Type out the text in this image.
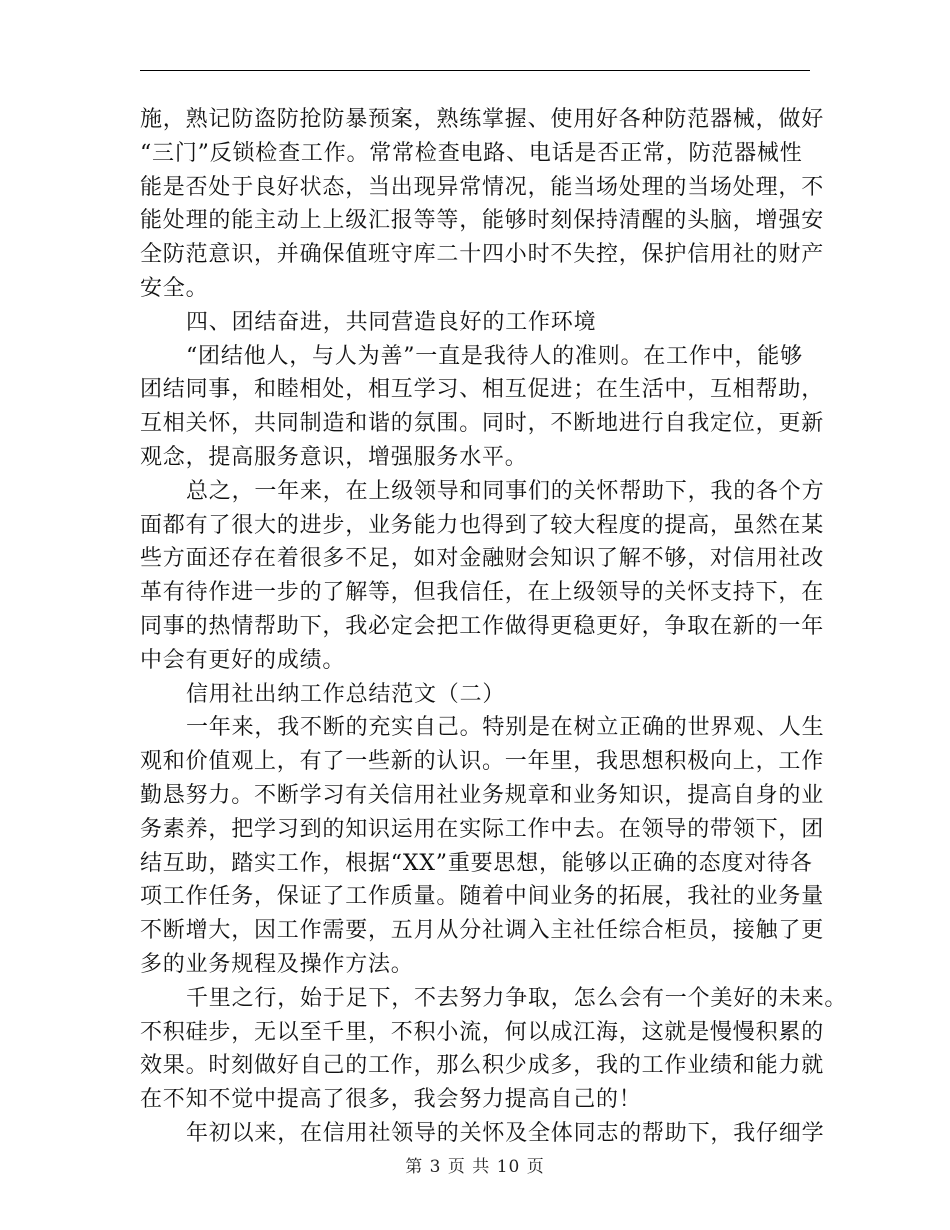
施，熟记防盗防抢防暴预案，熟练掌握、使用好各种防范器械，做好
“三门”反锁检查工作。常常检查电路、电话是否正常，防范器械性
能是否处于良好状态，当出现异常情况，能当场处理的当场处理，不
能处理的能主动上上级汇报等等，能够时刻保持清醒的头脑，增强安
全防范意识，并确保值班守库二十四小时不失控，保护信用社的财产
安全。
四、团结奋进，共同营造良好的工作环境
“团结他人，与人为善”一直是我待人的准则。在工作中，能够
团结同事，和睦相处，相互学习、相互促进；在生活中，互相帮助，
互相关怀，共同制造和谐的氛围。同时，不断地进行自我定位，更新
观念，提高服务意识，增强服务水平。
总之，一年来，在上级领导和同事们的关怀帮助下，我的各个方
面都有了很大的进步，业务能力也得到了较大程度的提高，虽然在某
些方面还存在着很多不足，如对金融财会知识了解不够，对信用社改
革有待作进一步的了解等，但我信任，在上级领导的关怀支持下，在
同事的热情帮助下，我必定会把工作做得更稳更好，争取在新的一年
中会有更好的成绩。
信用社出纳工作总结范文（二）
一年来，我不断的充实自己。特别是在树立正确的世界观、人生
观和价值观上，有了一些新的认识。一年里，我思想积极向上，工作
勤恳努力。不断学习有关信用社业务规章和业务知识，提高自身的业
务素养，把学习到的知识运用在实际工作中去。在领导的带领下，团
结互助，踏实工作，根据“XX”重要思想，能够以正确的态度对待各
项工作任务，保证了工作质量。随着中间业务的拓展，我社的业务量
不断增大，因工作需要，五月从分社调入主社任综合柜员，接触了更
多的业务规程及操作方法。
千里之行，始于足下，不去努力争取，怎么会有一个美好的未来。
不积硅步，无以至千里，不积小流，何以成江海，这就是慢慢积累的
效果。时刻做好自己的工作，那么积少成多，我的工作业绩和能力就
在不知不觉中提高了很多，我会努力提高自己的！
年初以来，在信用社领导的关怀及全体同志的帮助下，我仔细学
第 3 页 共 10 页
